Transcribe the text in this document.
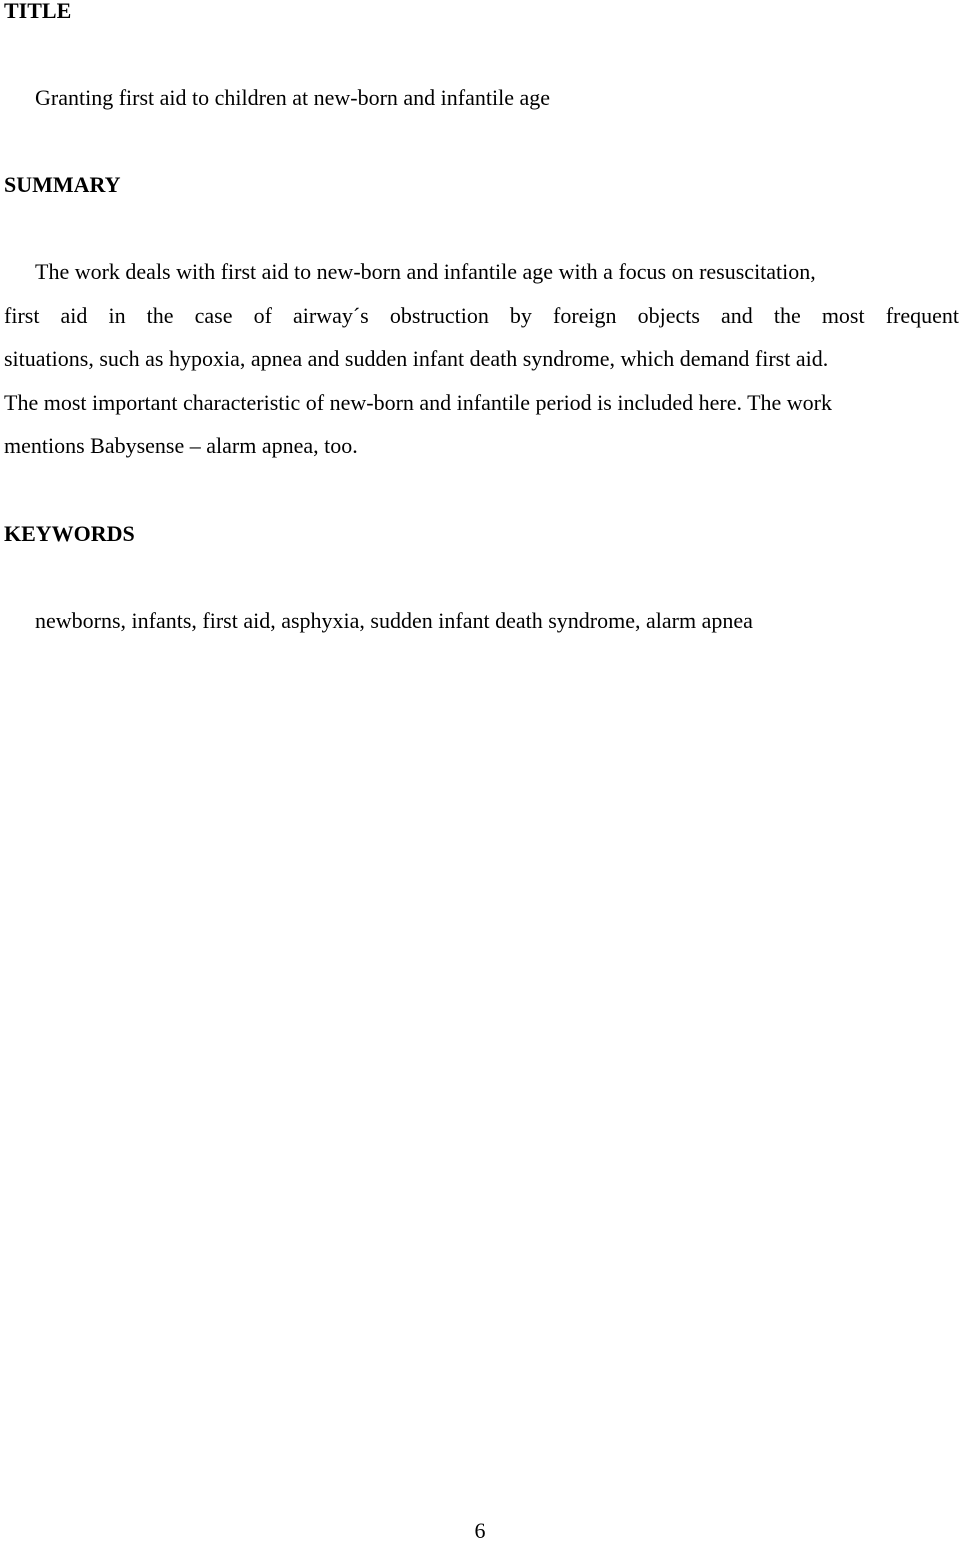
TITLE

Granting first aid to children at new-born and infantile age

SUMMARY
The work deals with first aid to new-born and infantile age with a focus on resuscitation,
first aid in the case of airway´s obstruction by foreign objects and the most frequent
situations, such as hypoxia, apnea and sudden infant death syndrome, which demand first aid.
The most important characteristic of new-born and infantile period is included here. The work
mentions Babysense – alarm apnea, too.
KEYWORDS

newborns, infants, first aid, asphyxia, sudden infant death syndrome, alarm apnea

6
